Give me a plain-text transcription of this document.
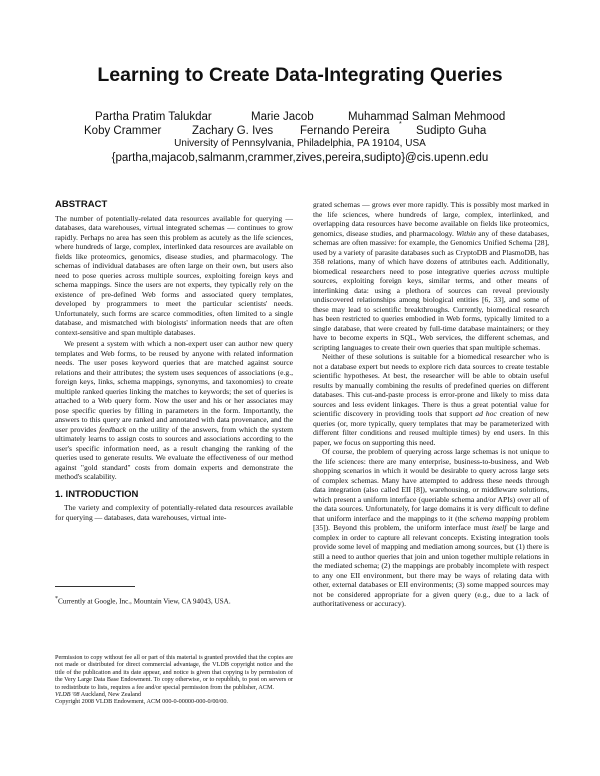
Learning to Create Data-Integrating Queries
Partha Pratim Talukdar	Marie Jacob	Muhammad Salman Mehmood
Koby Crammer	Zachary G. Ives Fernando Pereira
*
Sudipto Guha
University of Pennsylvania, Philadelphia, PA 19104, USA
{partha,majacob,salmanm,crammer,zives,pereira,sudipto}@cis.upenn.edu
ABSTRACT

The number of potentially-related data resources available for querying — databases, data warehouses, virtual integrated schemas — continues to grow rapidly. Perhaps no area has seen this problem as acutely as the life sciences, where hundreds of large, complex, interlinked data resources are available on fields like proteomics, genomics, disease studies, and pharmacology. The schemas of individual databases are often large on their own, but users also need to pose queries across multiple sources, exploiting foreign keys and schema mappings. Since the users are not experts, they typically rely on the existence of pre-defined Web forms and associated query templates, developed by programmers to meet the particular scientists' needs. Unfortunately, such forms are scarce commodities, often limited to a single database, and mismatched with biologists' information needs that are often context-sensitive and span multiple databases.

We present a system with which a non-expert user can author new query templates and Web forms, to be reused by anyone with related information needs. The user poses keyword queries that are matched against source relations and their attributes; the system uses sequences of associations (e.g., foreign keys, links, schema mappings, synonyms, and taxonomies) to create multiple ranked queries linking the matches to keywords; the set of queries is attached to a Web query form. Now the user and his or her associates may pose specific queries by filling in parameters in the form. Importantly, the answers to this query are ranked and annotated with data provenance, and the user provides feedback on the utility of the answers, from which the system ultimately learns to assign costs to sources and associations according to the user's specific information need, as a result changing the ranking of the queries used to generate results. We evaluate the effectiveness of our method against "gold standard" costs from domain experts and demonstrate the method's scalability.

1. INTRODUCTION

The variety and complexity of potentially-related data resources available for querying — databases, data warehouses, virtual inte-

*Currently at Google, Inc., Mountain View, CA 94043, USA.
Permission to copy without fee all or part of this material is granted provided that the copies are not made or distributed for direct commercial advantage, the VLDB copyright notice and the title of the publication and its date appear, and notice is given that copying is by permission of the Very Large Data Base Endowment. To copy otherwise, or to republish, to post on servers or to redistribute to lists, requires a fee and/or special permission from the publisher, ACM.
VLDB '08 Auckland, New Zealand
Copyright 2008 VLDB Endowment, ACM 000-0-00000-000-0/00/00.

grated schemas — grows ever more rapidly. This is possibly most marked in the life sciences, where hundreds of large, complex, interlinked, and overlapping data resources have become available on fields like proteomics, genomics, disease studies, and pharmacology. Within any of these databases, schemas are often massive: for example, the Genomics Unified Schema [28], used by a variety of parasite databases such as CryptoDB and PlasmoDB, has 358 relations, many of which have dozens of attributes each. Additionally, biomedical researchers need to pose integrative queries across multiple sources, exploiting foreign keys, similar terms, and other means of interlinking data: using a plethora of sources can reveal previously undiscovered relationships among biological entities [6, 33], and some of these may lead to scientific breakthroughs. Currently, biomedical research has been restricted to queries embodied in Web forms, typically limited to a single database, that were created by full-time database maintainers; or they have to become experts in SQL, Web services, the different schemas, and scripting languages to create their own queries that span multiple schemas.

Neither of these solutions is suitable for a biomedical researcher who is not a database expert but needs to explore rich data sources to create testable scientific hypotheses. At best, the researcher will be able to obtain useful results by manually combining the results of predefined queries on different databases. This cut-and-paste process is error-prone and likely to miss data sources and less evident linkages. There is thus a great potential value for scientific discovery in providing tools that support ad hoc creation of new queries (or, more typically, query templates that may be parameterized with different filter conditions and reused multiple times) by end users. In this paper, we focus on supporting this need.

Of course, the problem of querying across large schemas is not unique to the life sciences: there are many enterprise, business-to-business, and Web shopping scenarios in which it would be desirable to query across large sets of complex schemas. Many have attempted to address these needs through data integration (also called EII [8]), warehousing, or middleware solutions, which present a uniform interface (queriable schema and/or APIs) over all of the data sources. Unfortunately, for large domains it is very difficult to define that uniform interface and the mappings to it (the schema mapping problem [35]). Beyond this problem, the uniform interface must itself be large and complex in order to capture all relevant concepts. Existing integration tools provide some level of mapping and mediation among sources, but (1) there is still a need to author queries that join and union together multiple relations in the mediated schema; (2) the mappings are probably incomplete with respect to any one EII environment, but there may be ways of relating data with other, external databases or EII environments; (3) some mapped sources may not be considered appropriate for a given query (e.g., due to a lack of authoritativeness or accuracy).
